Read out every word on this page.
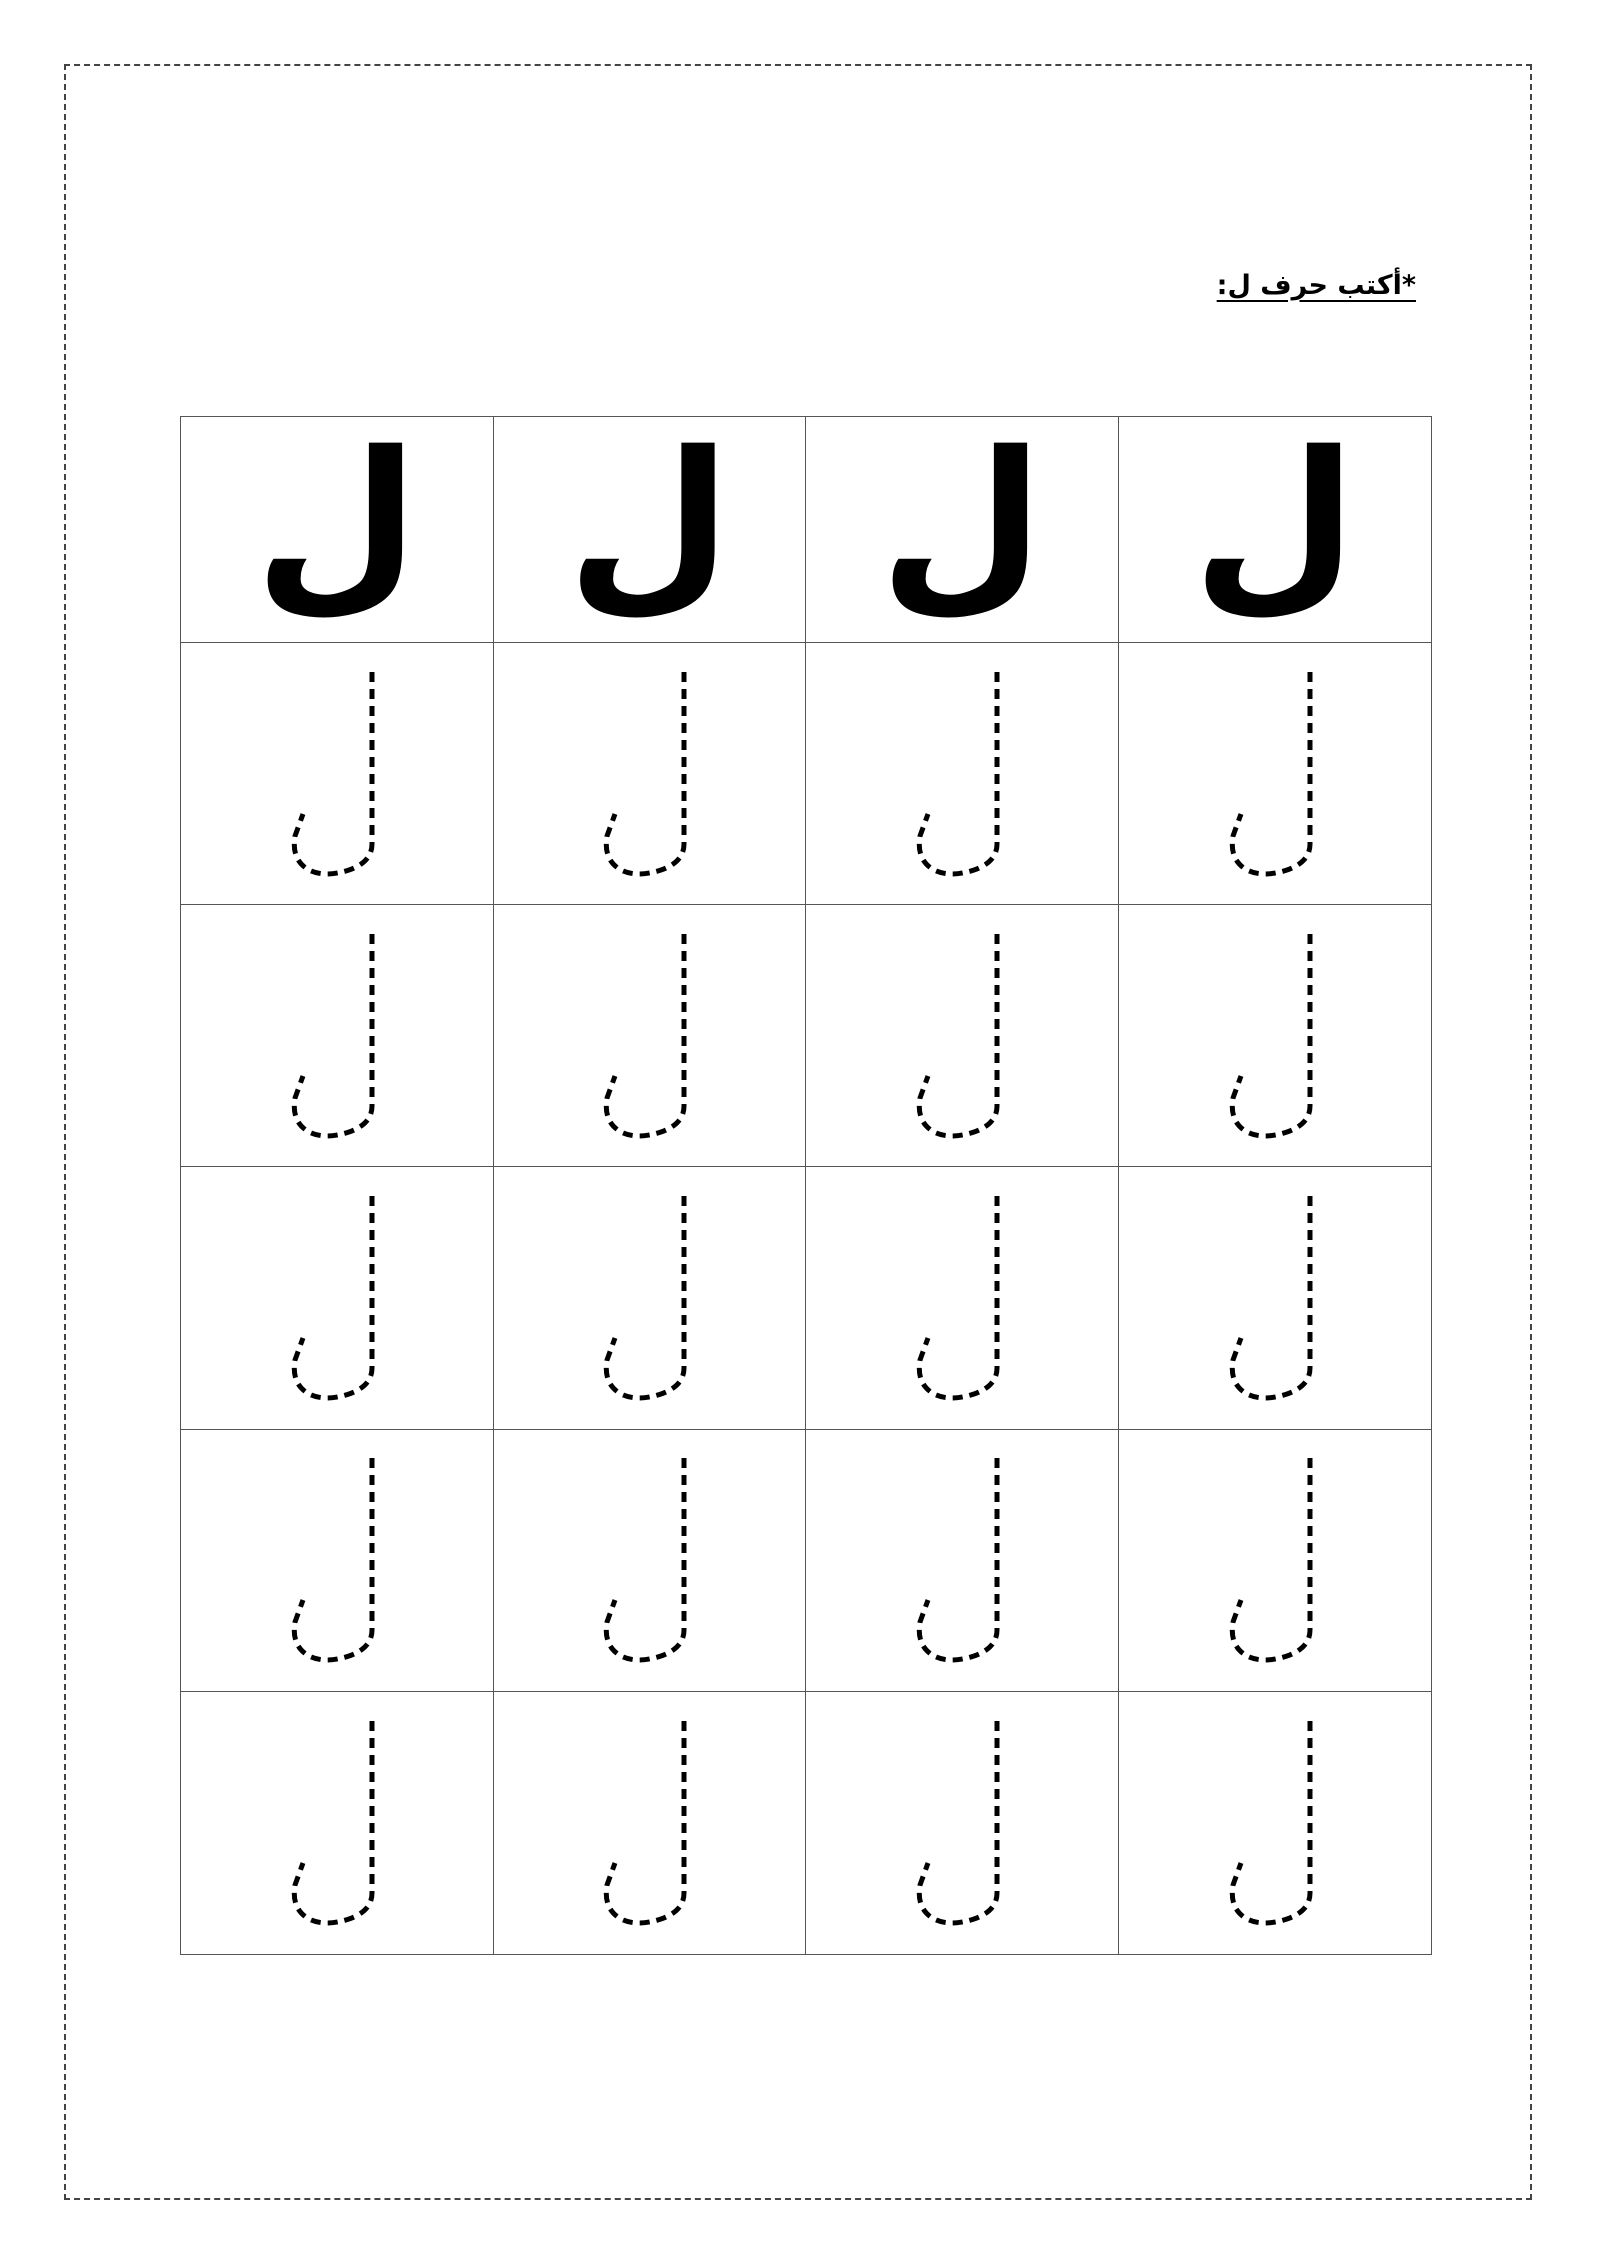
*أكتب حرف ل:
ل ل ل ل
